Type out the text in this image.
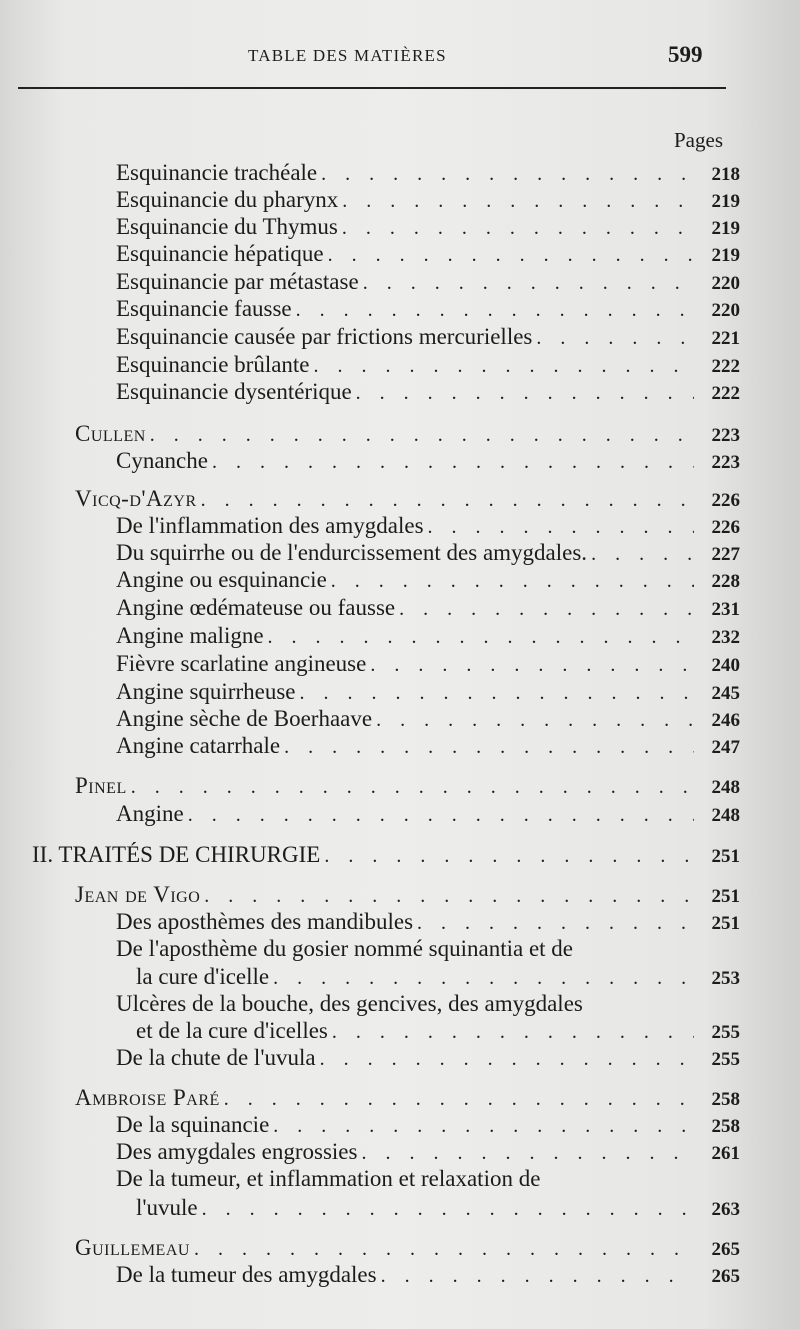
TABLE DES MATIÈRES	599
Pages
Esquinancie trachéale . . .	218
Esquinancie du pharynx . . .	219
Esquinancie du Thymus . . .	219
Esquinancie hépatique . . .	219
Esquinancie par métastase . . .	220
Esquinancie fausse . . .	220
Esquinancie causée par frictions mercurielles . . .	221
Esquinancie brûlante . . .	222
Esquinancie dysentérique . . .	222
Cullen . . .	223
Cynanche . . .	223
Vicq-d'Azyr . . .	226
De l'inflammation des amygdales . . .	226
Du squirrhe ou de l'endurcissement des amygdales. . . .	227
Angine ou esquinancie . . .	228
Angine œdémateuse ou fausse . . .	231
Angine maligne . . .	232
Fièvre scarlatine angineuse . . .	240
Angine squirrheuse . . .	245
Angine sèche de Boerhaave . . .	246
Angine catarrhale . . .	247
Pinel . . .	248
Angine . . .	248
II. TRAITÉS DE CHIRURGIE . . .	251
Jean de Vigo . . .	251
Des aposthèmes des mandibules . . .	251
De l'aposthème du gosier nommé squinantia et de
la cure d'icelle . . .	253
Ulcères de la bouche, des gencives, des amygdales
et de la cure d'icelles . . .	255
De la chute de l'uvula . . .	255
Ambroise Paré . . .	258
De la squinancie . . .	258
Des amygdales engrossies . . .	261
De la tumeur, et inflammation et relaxation de
l'uvule . . .	263
Guillemeau . . .	265
De la tumeur des amygdales . . .	265
